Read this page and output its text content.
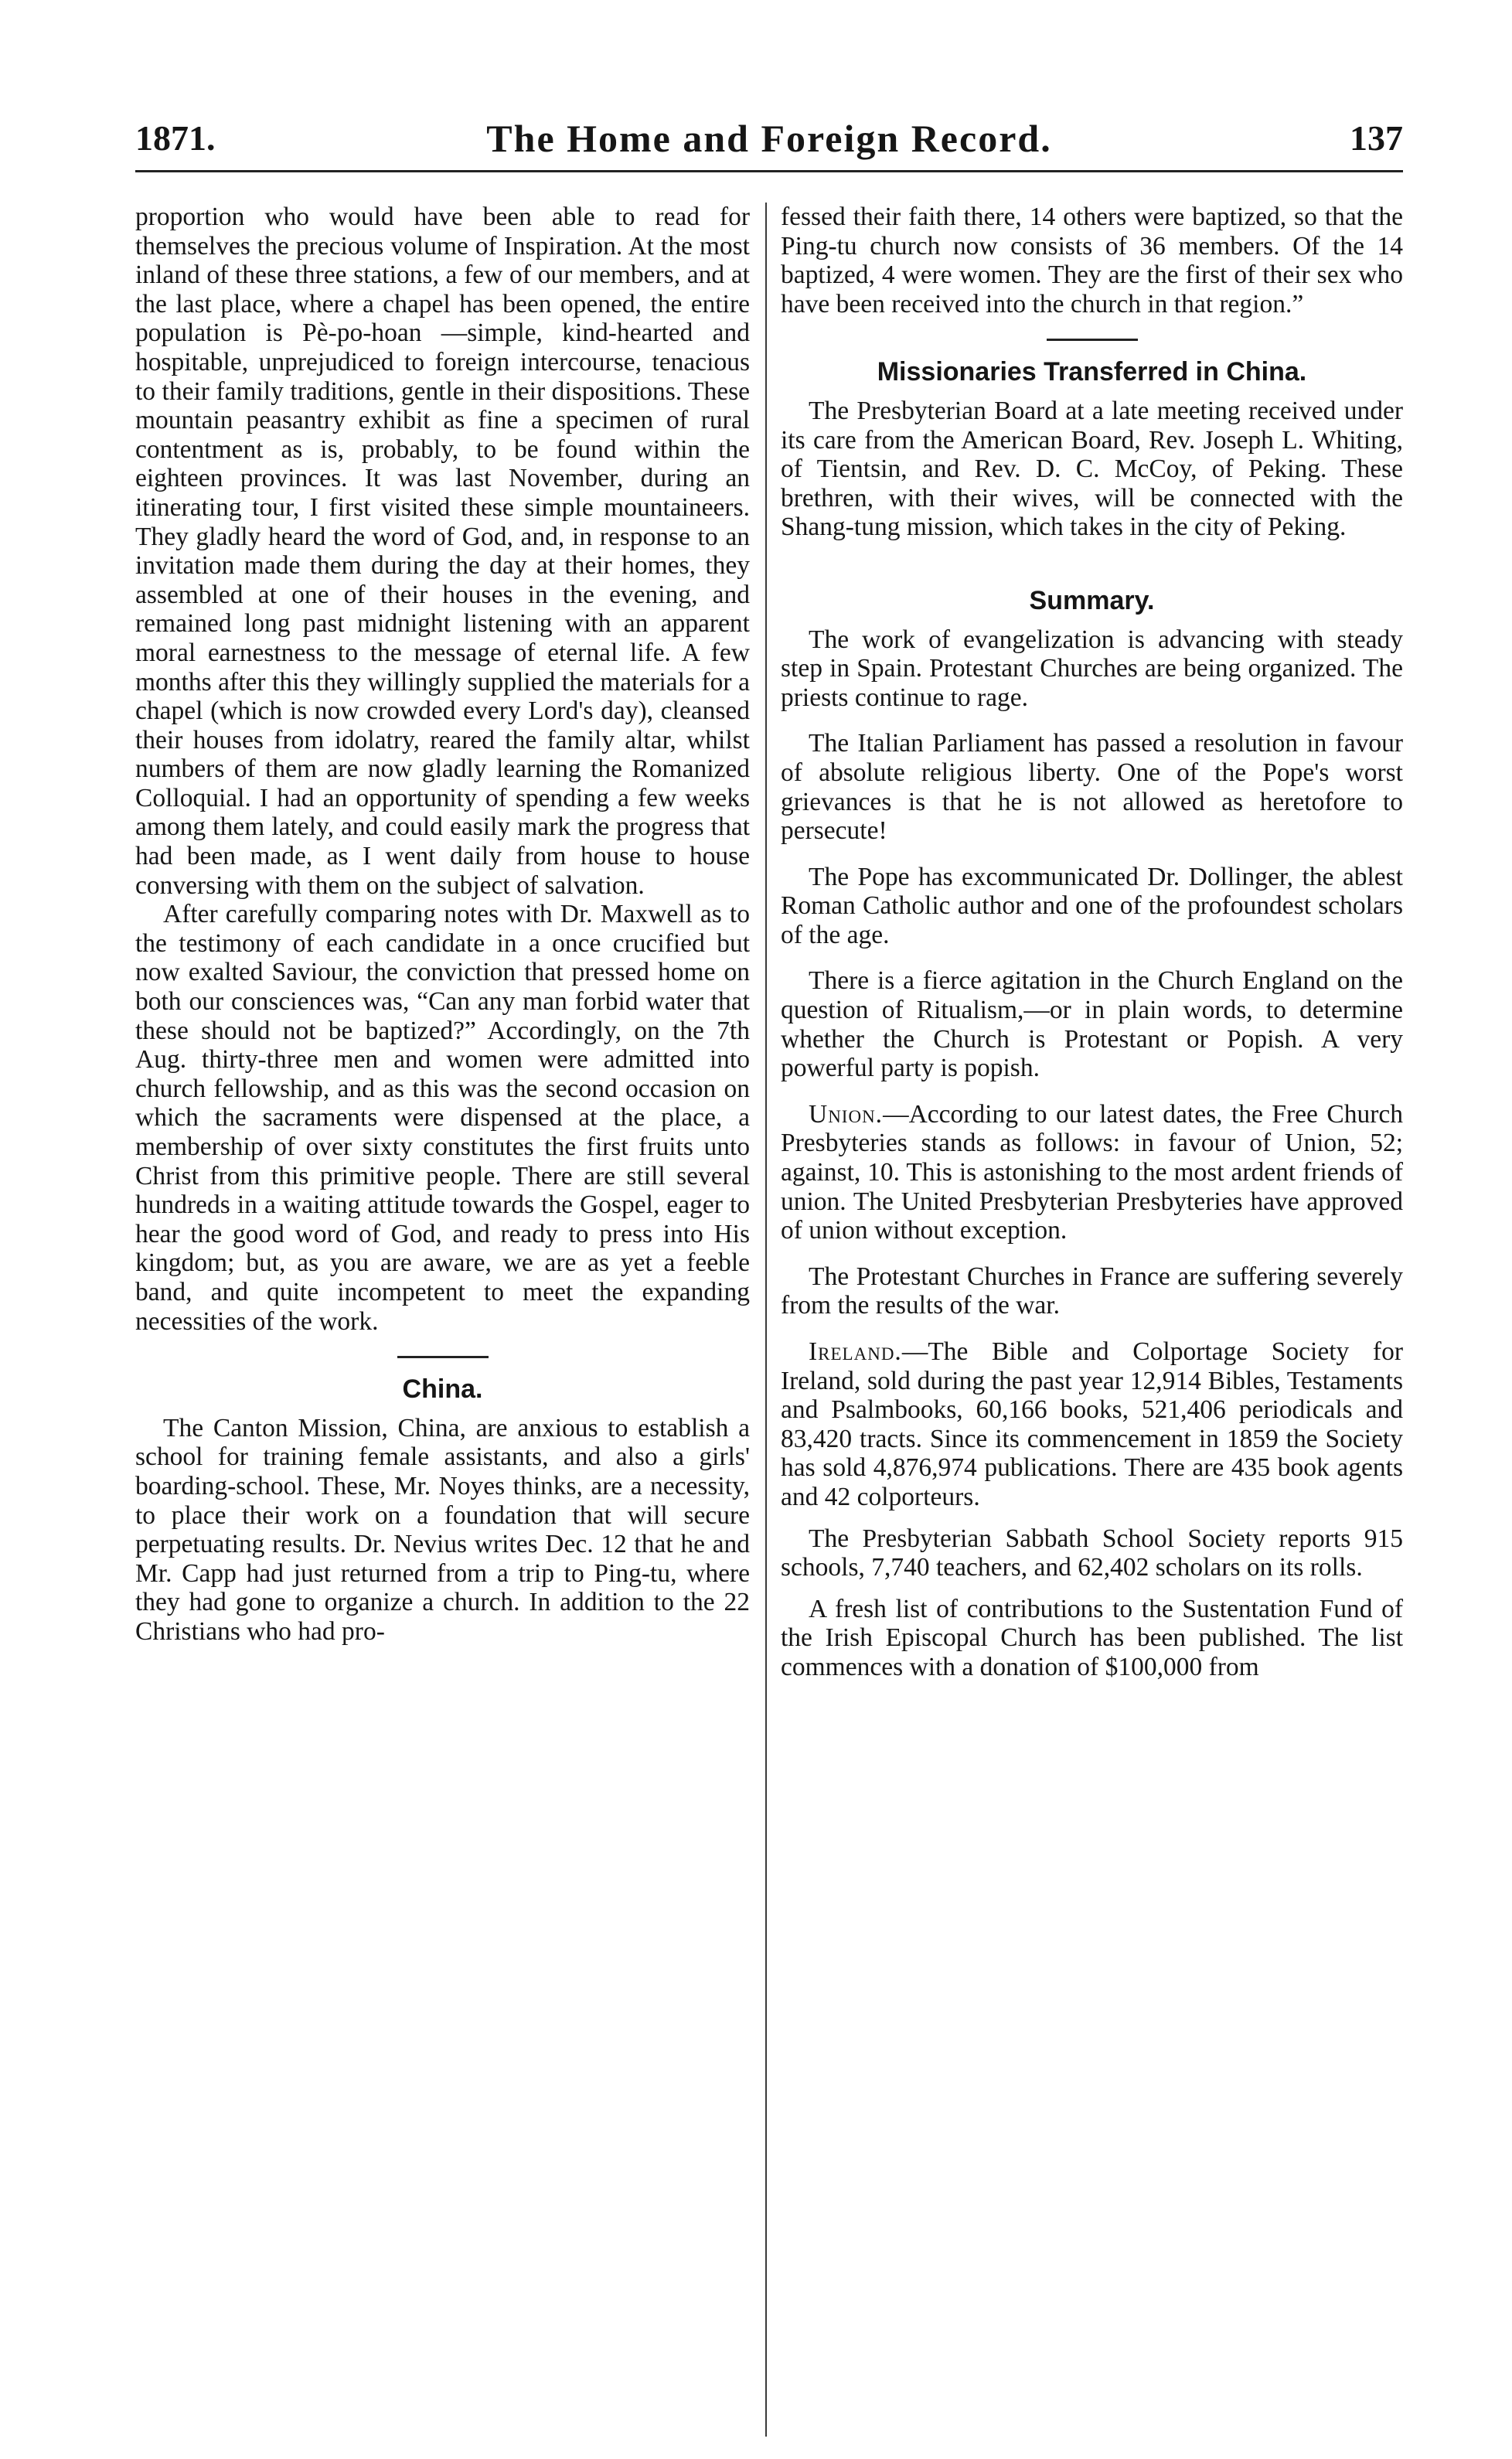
1871.	The Home and Foreign Record.	137

proportion who would have been able to read for themselves the precious volume of Inspiration. At the most inland of these three stations, a few of our members, and at the last place, where a chapel has been opened, the entire population is Pè-po-hoan —simple, kind-hearted and hospitable, unprejudiced to foreign intercourse, tenacious to their family traditions, gentle in their dispositions. These mountain peasantry exhibit as fine a specimen of rural contentment as is, probably, to be found within the eighteen provinces. It was last November, during an itinerating tour, I first visited these simple mountaineers. They gladly heard the word of God, and, in response to an invitation made them during the day at their homes, they assembled at one of their houses in the evening, and remained long past midnight listening with an apparent moral earnestness to the message of eternal life. A few months after this they willingly supplied the materials for a chapel (which is now crowded every Lord's day), cleansed their houses from idolatry, reared the family altar, whilst numbers of them are now gladly learning the Romanized Colloquial. I had an opportunity of spending a few weeks among them lately, and could easily mark the progress that had been made, as I went daily from house to house conversing with them on the subject of salvation.

After carefully comparing notes with Dr. Maxwell as to the testimony of each candidate in a once crucified but now exalted Saviour, the conviction that pressed home on both our consciences was, “Can any man forbid water that these should not be baptized?” Accordingly, on the 7th Aug. thirty-three men and women were admitted into church fellowship, and as this was the second occasion on which the sacraments were dispensed at the place, a membership of over sixty constitutes the first fruits unto Christ from this primitive people. There are still several hundreds in a waiting attitude towards the Gospel, eager to hear the good word of God, and ready to press into His kingdom; but, as you are aware, we are as yet a feeble band, and quite incompetent to meet the expanding necessities of the work.

China.

The Canton Mission, China, are anxious to establish a school for training female assistants, and also a girls' boarding-school. These, Mr. Noyes thinks, are a necessity, to place their work on a foundation that will secure perpetuating results. Dr. Nevius writes Dec. 12 that he and Mr. Capp had just returned from a trip to Ping-tu, where they had gone to organize a church. In addition to the 22 Christians who had pro-

fessed their faith there, 14 others were baptized, so that the Ping-tu church now consists of 36 members. Of the 14 baptized, 4 were women. They are the first of their sex who have been received into the church in that region.”

Missionaries Transferred in China.

The Presbyterian Board at a late meeting received under its care from the American Board, Rev. Joseph L. Whiting, of Tientsin, and Rev. D. C. McCoy, of Peking. These brethren, with their wives, will be connected with the Shang-tung mission, which takes in the city of Peking.

Summary.

The work of evangelization is advancing with steady step in Spain. Protestant Churches are being organized. The priests continue to rage.

The Italian Parliament has passed a resolution in favour of absolute religious liberty. One of the Pope's worst grievances is that he is not allowed as heretofore to persecute!

The Pope has excommunicated Dr. Dollinger, the ablest Roman Catholic author and one of the profoundest scholars of the age.

There is a fierce agitation in the Church England on the question of Ritualism,—or in plain words, to determine whether the Church is Protestant or Popish. A very powerful party is popish.

Union.—According to our latest dates, the Free Church Presbyteries stands as follows: in favour of Union, 52; against, 10. This is astonishing to the most ardent friends of union. The United Presbyterian Presbyteries have approved of union without exception.

The Protestant Churches in France are suffering severely from the results of the war.

Ireland.—The Bible and Colportage Society for Ireland, sold during the past year 12,914 Bibles, Testaments and Psalmbooks, 60,166 books, 521,406 periodicals and 83,420 tracts. Since its commencement in 1859 the Society has sold 4,876,974 publications. There are 435 book agents and 42 colporteurs.

The Presbyterian Sabbath School Society reports 915 schools, 7,740 teachers, and 62,402 scholars on its rolls.

A fresh list of contributions to the Sustentation Fund of the Irish Episcopal Church has been published. The list commences with a donation of $100,000 from
